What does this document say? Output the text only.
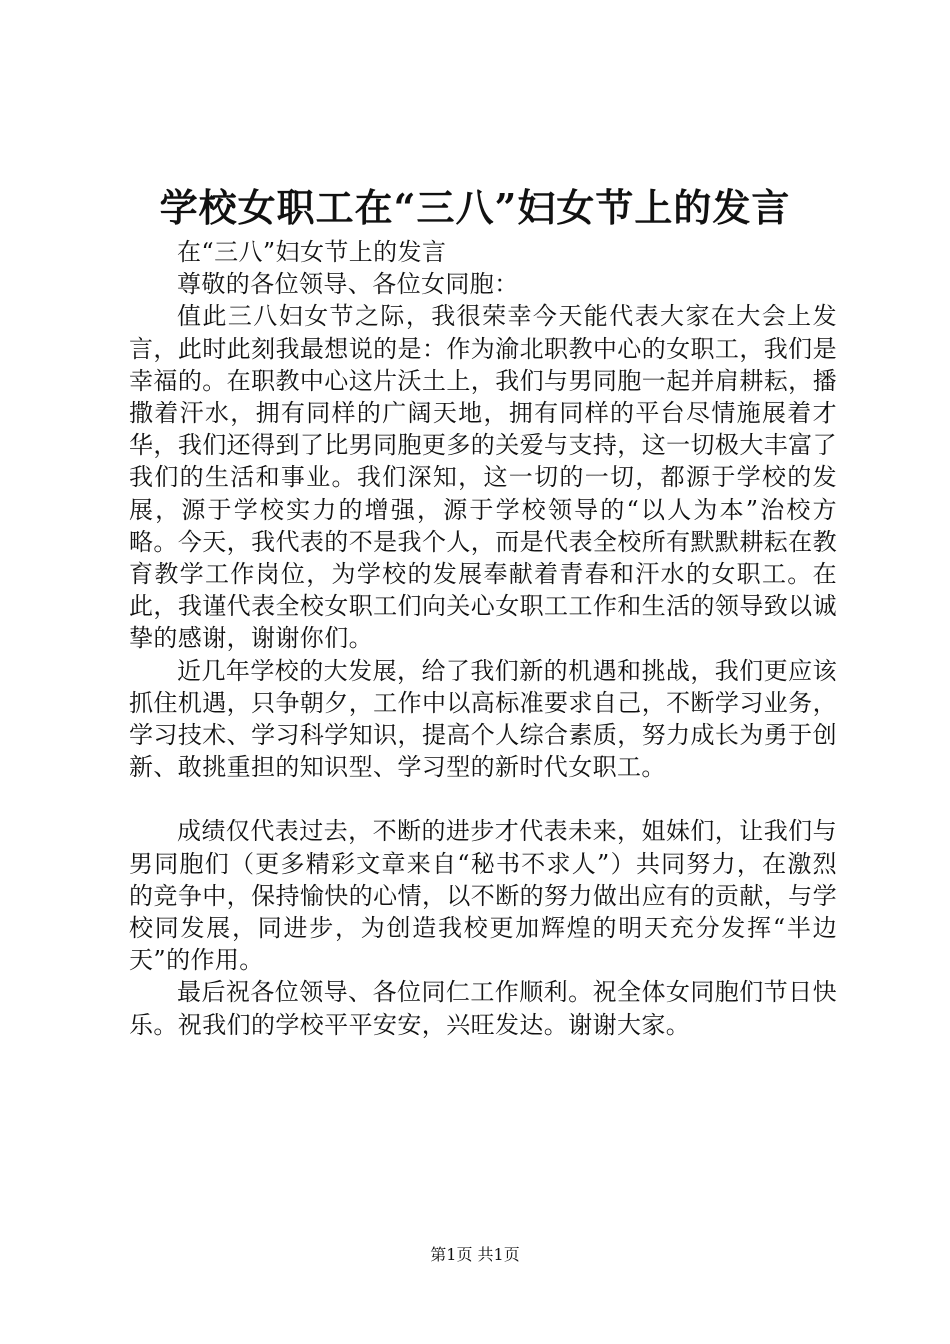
学校女职工在“三八”妇女节上的发言

在“三八”妇女节上的发言

尊敬的各位领导、各位女同胞：

值此三八妇女节之际，我很荣幸今天能代表大家在大会上发言，此时此刻我最想说的是：作为渝北职教中心的女职工，我们是幸福的。在职教中心这片沃土上，我们与男同胞一起并肩耕耘，播撒着汗水，拥有同样的广阔天地，拥有同样的平台尽情施展着才华，我们还得到了比男同胞更多的关爱与支持，这一切极大丰富了我们的生活和事业。我们深知，这一切的一切，都源于学校的发展，源于学校实力的增强，源于学校领导的“以人为本”治校方略。今天，我代表的不是我个人，而是代表全校所有默默耕耘在教育教学工作岗位，为学校的发展奉献着青春和汗水的女职工。在此，我谨代表全校女职工们向关心女职工工作和生活的领导致以诚挚的感谢，谢谢你们。

近几年学校的大发展，给了我们新的机遇和挑战，我们更应该抓住机遇，只争朝夕，工作中以高标准要求自己，不断学习业务，学习技术、学习科学知识，提高个人综合素质，努力成长为勇于创新、敢挑重担的知识型、学习型的新时代女职工。

成绩仅代表过去，不断的进步才代表未来，姐妹们，让我们与男同胞们（更多精彩文章来自“秘书不求人”）共同努力，在激烈的竞争中，保持愉快的心情，以不断的努力做出应有的贡献，与学校同发展，同进步，为创造我校更加辉煌的明天充分发挥“半边天”的作用。

最后祝各位领导、各位同仁工作顺利。祝全体女同胞们节日快乐。祝我们的学校平平安安，兴旺发达。谢谢大家。

第1页 共1页
